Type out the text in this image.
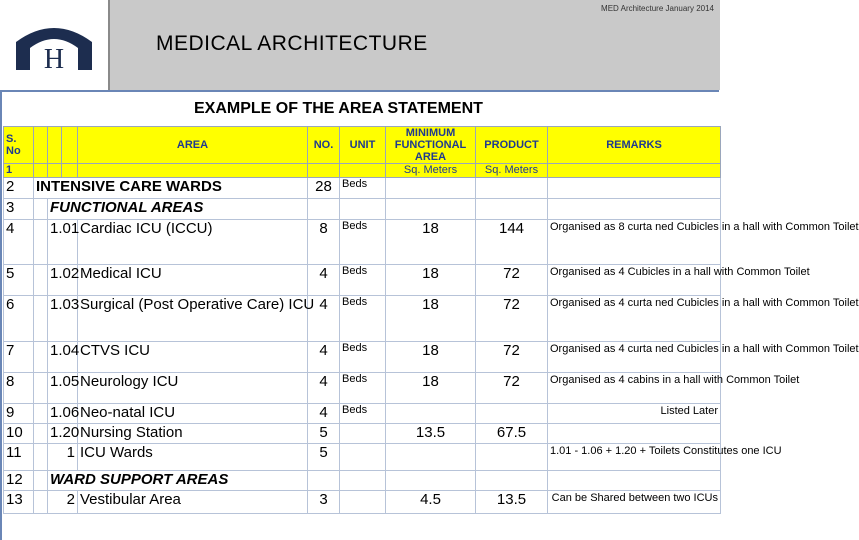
H
MED Architecture January 2014
MEDICAL ARCHITECTURE
EXAMPLE OF THE AREA STATEMENT
S. No				AREA	NO.	UNIT	MINIMUM FUNCTIONAL AREA	PRODUCT	REMARKS
1							Sq. Meters	Sq. Meters	
2	INTENSIVE CARE WARDS				28	Beds			
3		FUNCTIONAL AREAS							
4		1.01		Cardiac ICU (ICCU)	8	Beds	18	144	Organised as 8 curta ned Cubicles in a hall with Common Toilet
5		1.02		Medical ICU	4	Beds	18	72	Organised as 4 Cubicles in a hall with Common Toilet
6		1.03		Surgical (Post Operative Care) ICU	4	Beds	18	72	Organised as 4 curta ned Cubicles in a hall with Common Toilet
7		1.04		CTVS ICU	4	Beds	18	72	Organised as 4 curta ned Cubicles in a hall with Common Toilet
8		1.05		Neurology ICU	4	Beds	18	72	Organised as 4 cabins in a hall with Common Toilet
9		1.06		Neo-natal ICU	4	Beds			Listed Later
10		1.20		Nursing Station	5		13.5	67.5	
11		1		ICU Wards	5				1.01 - 1.06 + 1.20 + Toilets Constitutes one ICU
12		WARD SUPPORT AREAS							
13		2		Vestibular Area	3		4.5	13.5	Can be Shared between two ICUs
